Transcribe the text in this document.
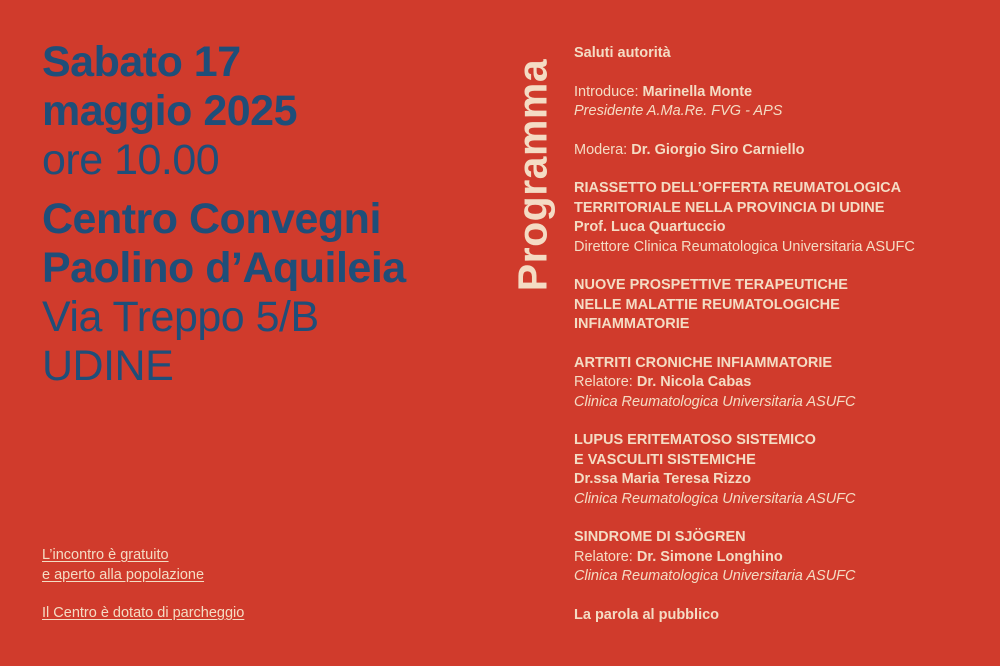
Sabato 17
maggio 2025
ore 10.00
Centro Convegni
Paolino d’Aquileia
Via Treppo 5/B
UDINE
L’incontro è gratuito
e aperto alla popolazione
Il Centro è dotato di parcheggio
Programma
Saluti autorità
Introduce: Marinella Monte
Presidente A.Ma.Re. FVG - APS
Modera: Dr. Giorgio Siro Carniello
RIASSETTO DELL’OFFERTA REUMATOLOGICA
TERRITORIALE NELLA PROVINCIA DI UDINE
Prof. Luca Quartuccio
Direttore Clinica Reumatologica Universitaria ASUFC
NUOVE PROSPETTIVE TERAPEUTICHE
NELLE MALATTIE REUMATOLOGICHE
INFIAMMATORIE
ARTRITI CRONICHE INFIAMMATORIE
Relatore: Dr. Nicola Cabas
Clinica Reumatologica Universitaria ASUFC
LUPUS ERITEMATOSO SISTEMICO
E VASCULITI SISTEMICHE
Dr.ssa Maria Teresa Rizzo
Clinica Reumatologica Universitaria ASUFC
SINDROME DI SJÖGREN
Relatore: Dr. Simone Longhino
Clinica Reumatologica Universitaria ASUFC
La parola al pubblico
